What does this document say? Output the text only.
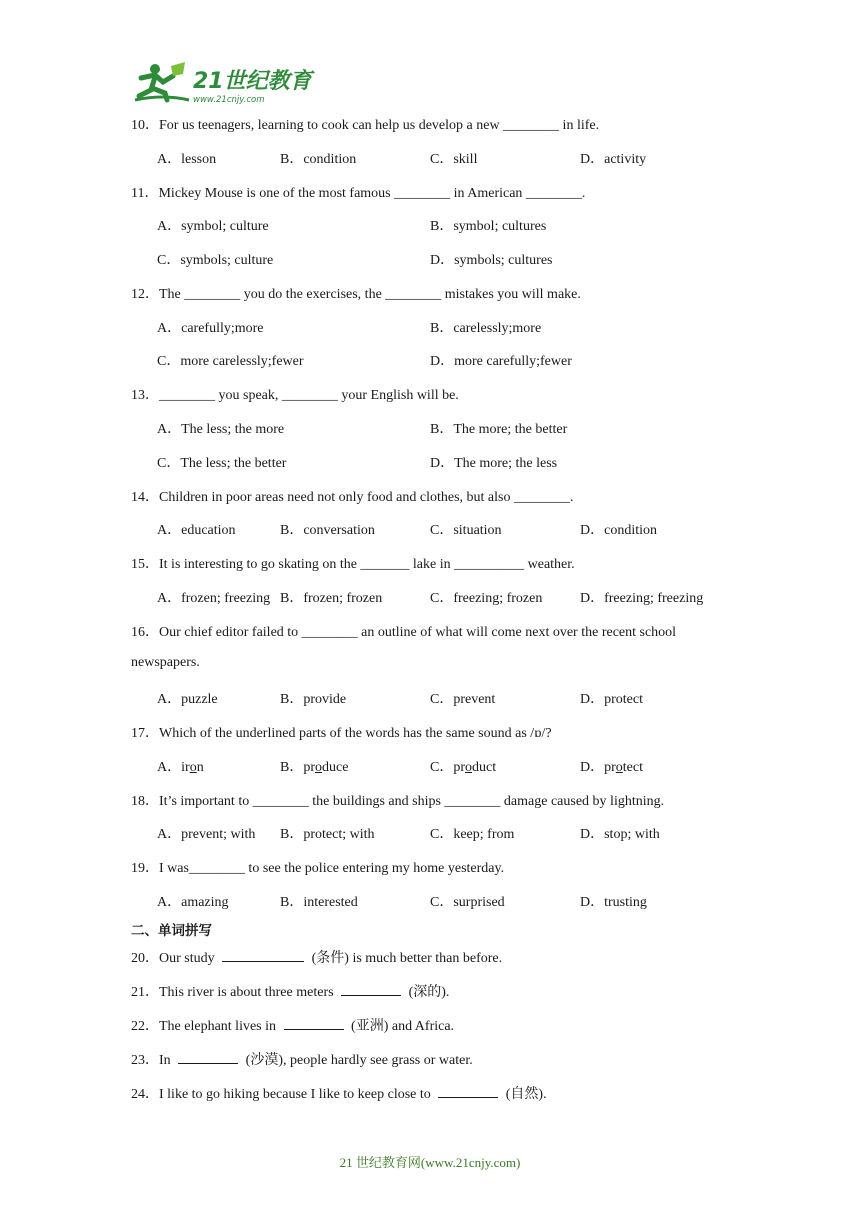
21世纪教育
www.21cnjy.com
10．For us teenagers, learning to cook can help us develop a new ________ in life.
A．lesson	B．condition	C．skill	D．activity
11．Mickey Mouse is one of the most famous ________ in American ________.
A．symbol; culture	B．symbol; cultures
C．symbols; culture	D．symbols; cultures
12．The ________ you do the exercises, the ________ mistakes you will make.
A．carefully;more	B．carelessly;more
C．more carelessly;fewer	D．more carefully;fewer
13．________ you speak, ________ your English will be.
A．The less; the more	B．The more; the better
C．The less; the better	D．The more; the less
14．Children in poor areas need not only food and clothes, but also ________.
A．education	B．conversation	C．situation	D．condition
15．It is interesting to go skating on the _______ lake in __________ weather.
A．frozen; freezing B．frozen; frozen	C．freezing; frozen	D．freezing; freezing
16．Our chief editor failed to ________ an outline of what will come next over the recent school
newspapers.
A．puzzle	B．provide	C．prevent	D．protect
17．Which of the underlined parts of the words has the same sound as /ɒ/?
A．iron	B．produce	C．product	D．protect
18．It’s important to ________ the buildings and ships ________ damage caused by lightning.
A．prevent; with B．protect; with	C．keep; from	D．stop; with
19．I was________ to see the police entering my home yesterday.
A．amazing	B．interested	C．surprised	D．trusting
二、单词拼写
20．Our study	(条件) is much better than before.
21．This river is about three meters	(深的).
22．The elephant lives in	(亚洲) and Africa.
23．In	(沙漠), people hardly see grass or water.
24．I like to go hiking because I like to keep close to	(自然).
21 世纪教育网(www.21cnjy.com)
